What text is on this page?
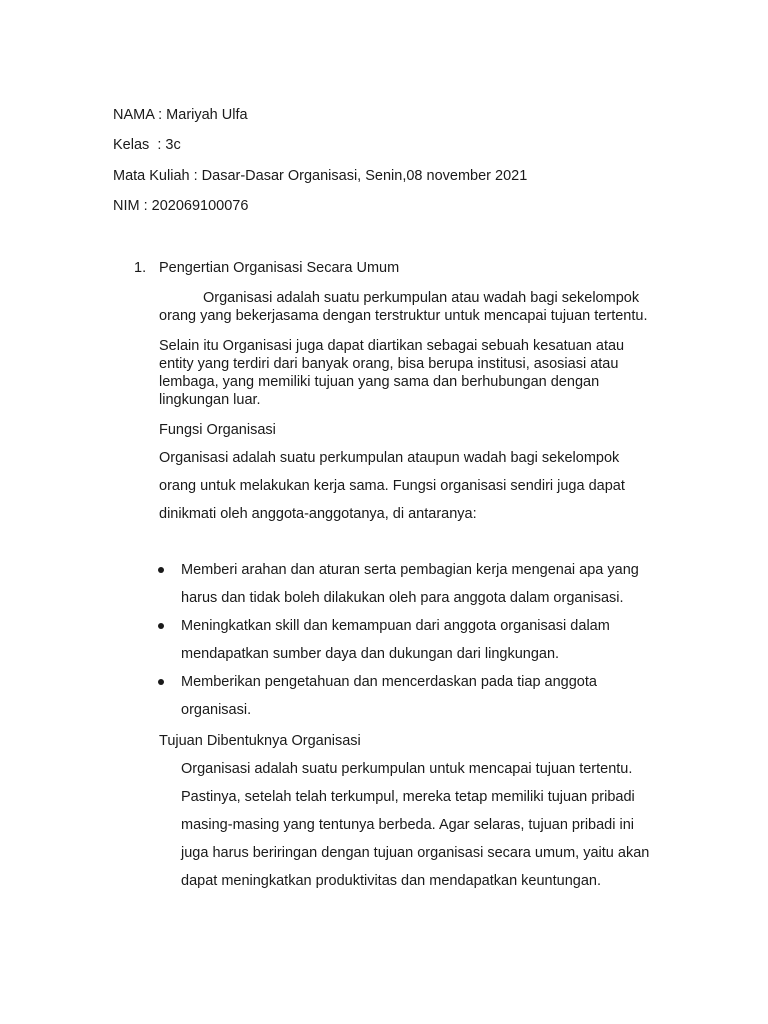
NAMA : Mariyah Ulfa
Kelas  : 3c
Mata Kuliah : Dasar-Dasar Organisasi, Senin,08 november 2021
NIM : 202069100076
1. Pengertian Organisasi Secara Umum
Organisasi adalah suatu perkumpulan atau wadah bagi sekelompok
orang yang bekerjasama dengan terstruktur untuk mencapai tujuan tertentu.
Selain itu Organisasi juga dapat diartikan sebagai sebuah kesatuan atau
entity yang terdiri dari banyak orang, bisa berupa institusi, asosiasi atau
lembaga, yang memiliki tujuan yang sama dan berhubungan dengan
lingkungan luar.
Fungsi Organisasi
Organisasi adalah suatu perkumpulan ataupun wadah bagi sekelompok
orang untuk melakukan kerja sama. Fungsi organisasi sendiri juga dapat
dinikmati oleh anggota-anggotanya, di antaranya:
Memberi arahan dan aturan serta pembagian kerja mengenai apa yang
harus dan tidak boleh dilakukan oleh para anggota dalam organisasi.
Meningkatkan skill dan kemampuan dari anggota organisasi dalam
mendapatkan sumber daya dan dukungan dari lingkungan.
Memberikan pengetahuan dan mencerdaskan pada tiap anggota
organisasi.
Tujuan Dibentuknya Organisasi
Organisasi adalah suatu perkumpulan untuk mencapai tujuan tertentu.
Pastinya, setelah telah terkumpul, mereka tetap memiliki tujuan pribadi
masing-masing yang tentunya berbeda. Agar selaras, tujuan pribadi ini
juga harus beriringan dengan tujuan organisasi secara umum, yaitu akan
dapat meningkatkan produktivitas dan mendapatkan keuntungan.
